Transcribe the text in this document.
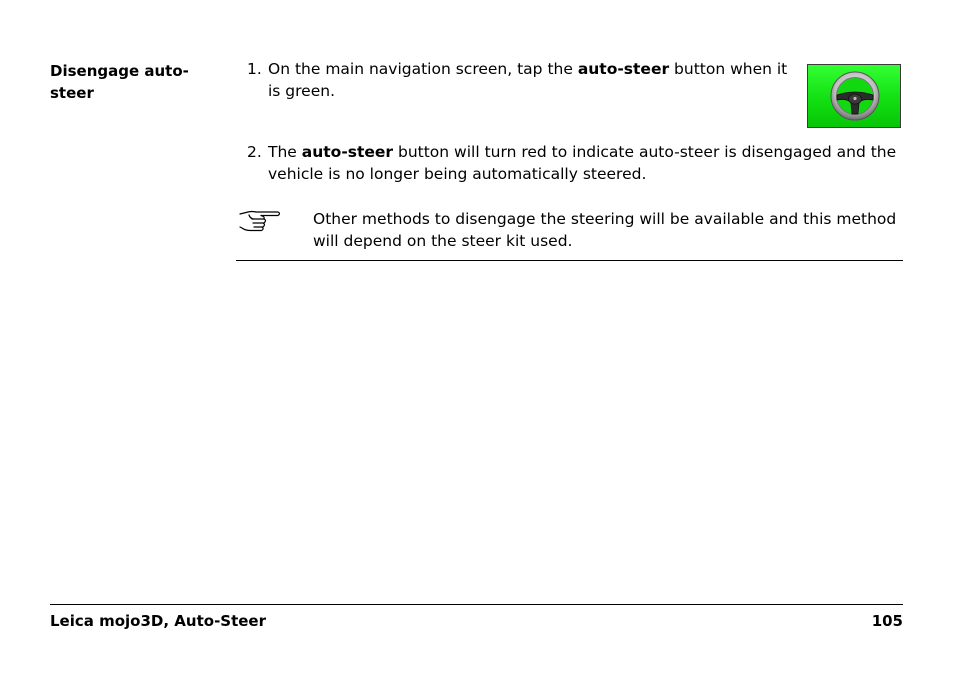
Disengage auto-steer
1. On the main navigation screen, tap the auto-steer button when it is green.
2. The auto-steer button will turn red to indicate auto-steer is disengaged and the vehicle is no longer being automatically steered.
Other methods to disengage the steering will be available and this method will depend on the steer kit used.
Leica mojo3D, Auto-Steer	105
